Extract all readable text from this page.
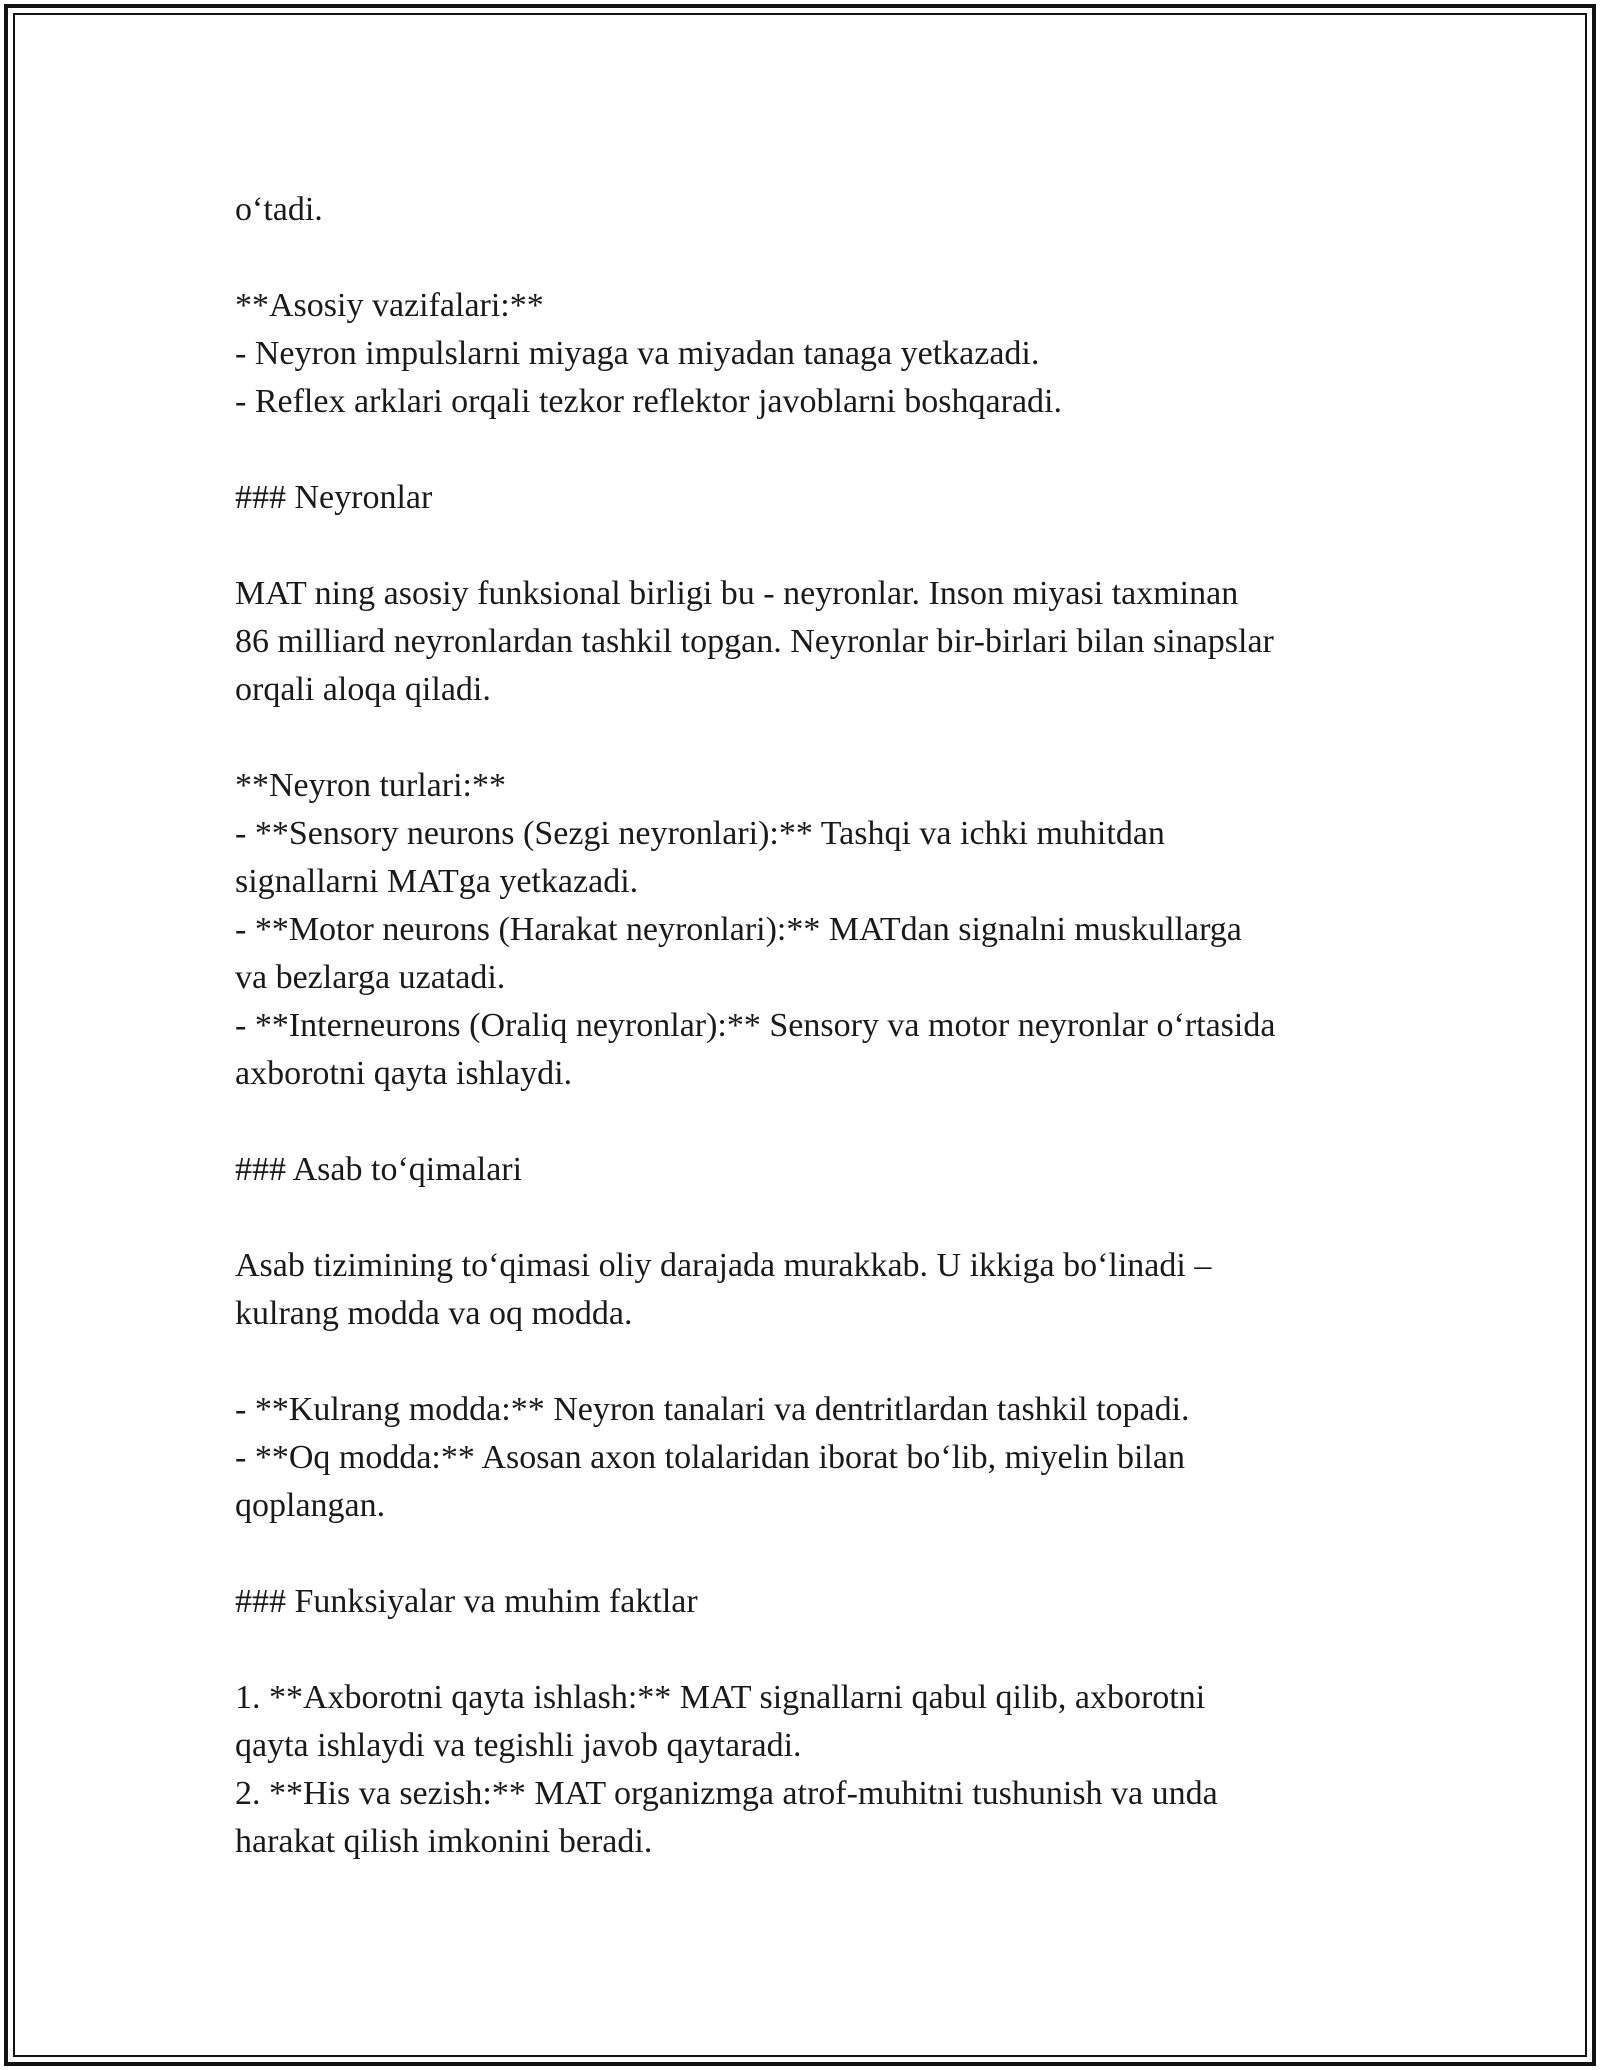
o‘tadi.
**Asosiy vazifalari:**
- Neyron impulslarni miyaga va miyadan tanaga yetkazadi.
- Reflex arklari orqali tezkor reflektor javoblarni boshqaradi.
### Neyronlar
MAT ning asosiy funksional birligi bu - neyronlar. Inson miyasi taxminan
86 milliard neyronlardan tashkil topgan. Neyronlar bir-birlari bilan sinapslar
orqali aloqa qiladi.
**Neyron turlari:**
- **Sensory neurons (Sezgi neyronlari):** Tashqi va ichki muhitdan
signallarni MATga yetkazadi.
- **Motor neurons (Harakat neyronlari):** MATdan signalni muskullarga
va bezlarga uzatadi.
- **Interneurons (Oraliq neyronlar):** Sensory va motor neyronlar o‘rtasida
axborotni qayta ishlaydi.
### Asab to‘qimalari
Asab tizimining to‘qimasi oliy darajada murakkab. U ikkiga bo‘linadi –
kulrang modda va oq modda.
- **Kulrang modda:** Neyron tanalari va dentritlardan tashkil topadi.
- **Oq modda:** Asosan axon tolalaridan iborat bo‘lib, miyelin bilan
qoplangan.
### Funksiyalar va muhim faktlar
1. **Axborotni qayta ishlash:** MAT signallarni qabul qilib, axborotni
qayta ishlaydi va tegishli javob qaytaradi.
2. **His va sezish:** MAT organizmga atrof-muhitni tushunish va unda
harakat qilish imkonini beradi.
